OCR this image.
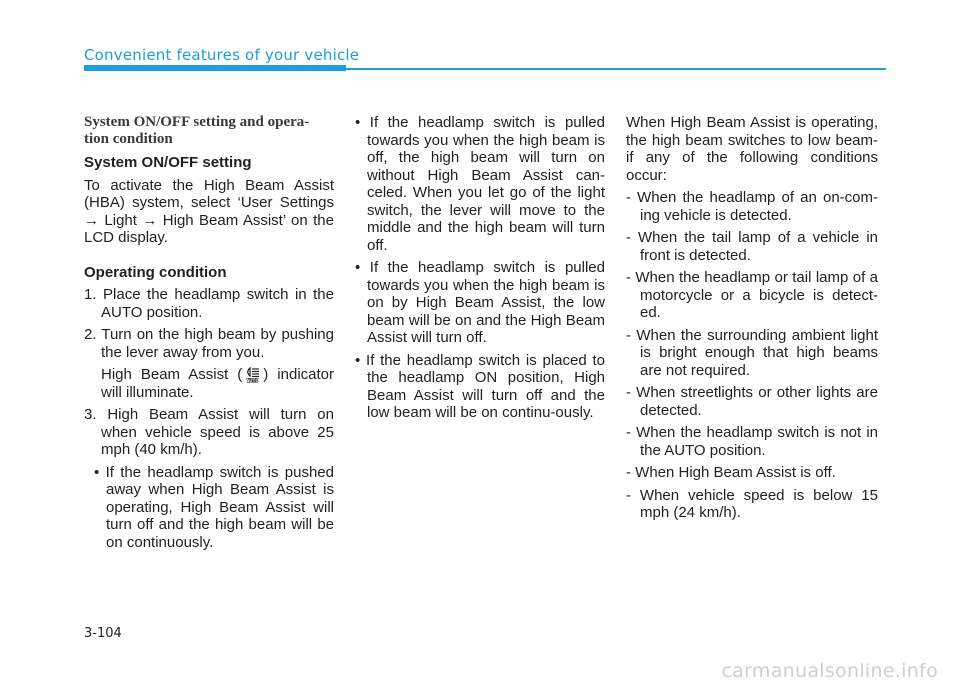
Convenient features of your vehicle
System ON/OFF setting and opera-tion condition
System ON/OFF setting

To activate the High Beam Assist (HBA) system, select ‘User Settings → Light → High Beam Assist’ on the LCD display.

Operating condition
1. Place the headlamp switch in the AUTO position.
2. Turn on the high beam by pushing the lever away from you.
High Beam Assist ( AUTO ) indicator will illuminate.
3. High Beam Assist will turn on when vehicle speed is above 25 mph (40 km/h).
• If the headlamp switch is pushed away when High Beam Assist is operating, High Beam Assist will turn off and the high beam will be on continuously.
• If the headlamp switch is pulled towards you when the high beam is off, the high beam will turn on without High Beam Assist can-celed. When you let go of the light switch, the lever will move to the middle and the high beam will turn off.
• If the headlamp switch is pulled towards you when the high beam is on by High Beam Assist, the low beam will be on and the High Beam Assist will turn off.
• If the headlamp switch is placed to the headlamp ON position, High Beam Assist will turn off and the low beam will be on continu-ously.

When High Beam Assist is operating, the high beam switches to low beam-if any of the following conditions occur:

- When the headlamp of an on-com-ing vehicle is detected.
- When the tail lamp of a vehicle in front is detected.
- When the headlamp or tail lamp of a motorcycle or a bicycle is detect-ed.
- When the surrounding ambient light is bright enough that high beams are not required.
- When streetlights or other lights are detected.
- When the headlamp switch is not in the AUTO position.
- When High Beam Assist is off.
- When vehicle speed is below 15 mph (24 km/h).
3-104
carmanualsonline.info
